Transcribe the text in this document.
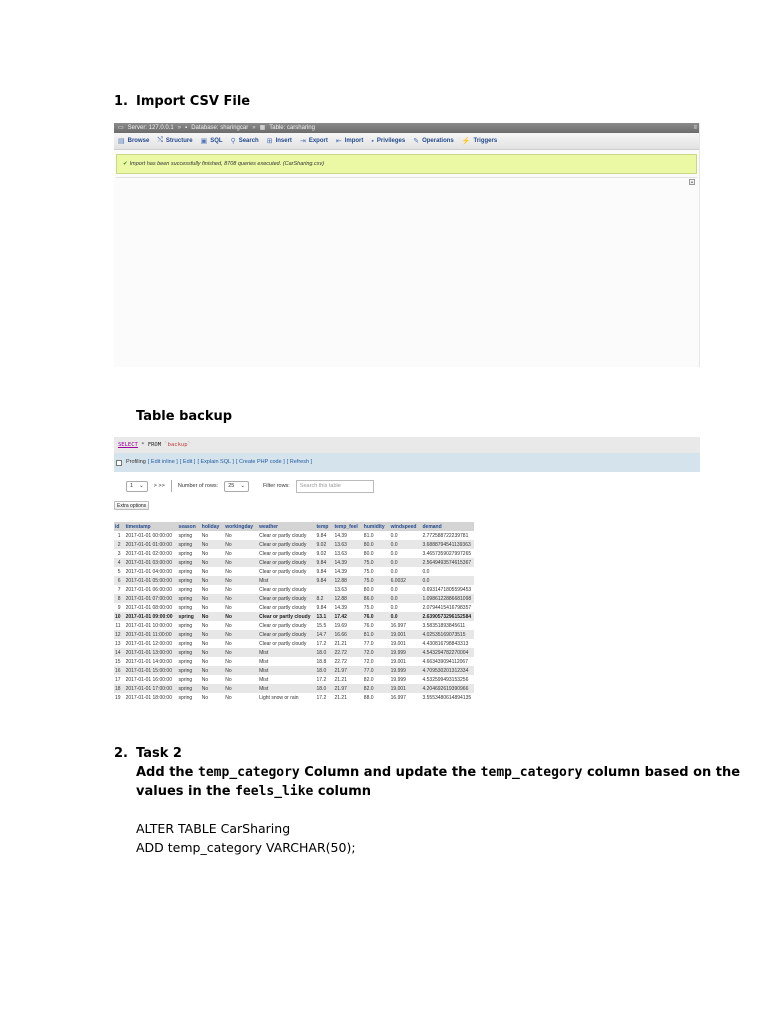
1. Import CSV File
▭ Server: 127.0.0.1 » ▪ Database: sharingcar » ▦ Table: carsharing	≡
▤ Browse ⤭ Structure ▣ SQL ⚲ Search ⊞ Insert ⇥ Export ⇤ Import ▪ Privileges ✎ Operations ⚡ Triggers
✔ Import has been successfully finished, 8708 queries executed. (CarSharing.csv)
▴
Table backup
SELECT * FROM `backup`
Profiling [ Edit inline ] [ Edit ] [ Explain SQL ] [ Create PHP code ] [ Refresh ]
1 ⌄ > >> Number of rows: 25 ⌄	Filter rows:	Search this table
Extra options
id	timestamp	season	holiday	workingday	weather	temp	temp_feel	humidity	windspeed	demand
1	2017-01-01 00:00:00	spring	No	No	Clear or partly cloudy	9.84	14.39	81.0	0.0	2.772588722239781
2	2017-01-01 01:00:00	spring	No	No	Clear or partly cloudy	9.02	13.63	80.0	0.0	3.6888794541139363
3	2017-01-01 02:00:00	spring	No	No	Clear or partly cloudy	9.02	13.63	80.0	0.0	3.4657359027997265
4	2017-01-01 03:00:00	spring	No	No	Clear or partly cloudy	9.84	14.39	75.0	0.0	2.5649493574615367
5	2017-01-01 04:00:00	spring	No	No	Clear or partly cloudy	9.84	14.39	75.0	0.0	0.0
6	2017-01-01 05:00:00	spring	No	No	Mist	9.84	12.88	75.0	6.0032	0.0
7	2017-01-01 06:00:00	spring	No	No	Clear or partly cloudy		13.63	80.0	0.0	0.6931471805599453
8	2017-01-01 07:00:00	spring	No	No	Clear or partly cloudy	8.2	12.88	86.0	0.0	1.0986122886681098
9	2017-01-01 08:00:00	spring	No	No	Clear or partly cloudy	9.84	14.39	75.0	0.0	2.0794415416798357
10	2017-01-01 09:00:00	spring	No	No	Clear or partly cloudy	13.1	17.42	76.0	0.0	2.6390573296152584
11	2017-01-01 10:00:00	spring	No	No	Clear or partly cloudy	15.5	19.69	76.0	16.997	3.58351893845611
12	2017-01-01 11:00:00	spring	No	No	Clear or partly cloudy	14.7	16.66	81.0	19.001	4.02535169073515
13	2017-01-01 12:00:00	spring	No	No	Clear or partly cloudy	17.2	21.21	77.0	19.001	4.430816798843313
14	2017-01-01 13:00:00	spring	No	No	Mist	18.0	22.72	72.0	19.999	4.543294782270004
15	2017-01-01 14:00:00	spring	No	No	Mist	18.8	22.72	72.0	19.001	4.663439094112067
16	2017-01-01 15:00:00	spring	No	No	Mist	18.0	21.97	77.0	19.999	4.709530201312334
17	2017-01-01 16:00:00	spring	No	No	Mist	17.2	21.21	82.0	19.999	4.532599493153256
18	2017-01-01 17:00:00	spring	No	No	Mist	18.0	21.97	82.0	19.001	4.204692619390966
19	2017-01-01 18:00:00	spring	No	No	Light snow or rain	17.2	21.21	88.0	16.997	3.5553480614894135
2. Task 2
Add the temp_category Column and update the temp_category column based on the
values in the feels_like column
ALTER TABLE CarSharing
ADD temp_category VARCHAR(50);
